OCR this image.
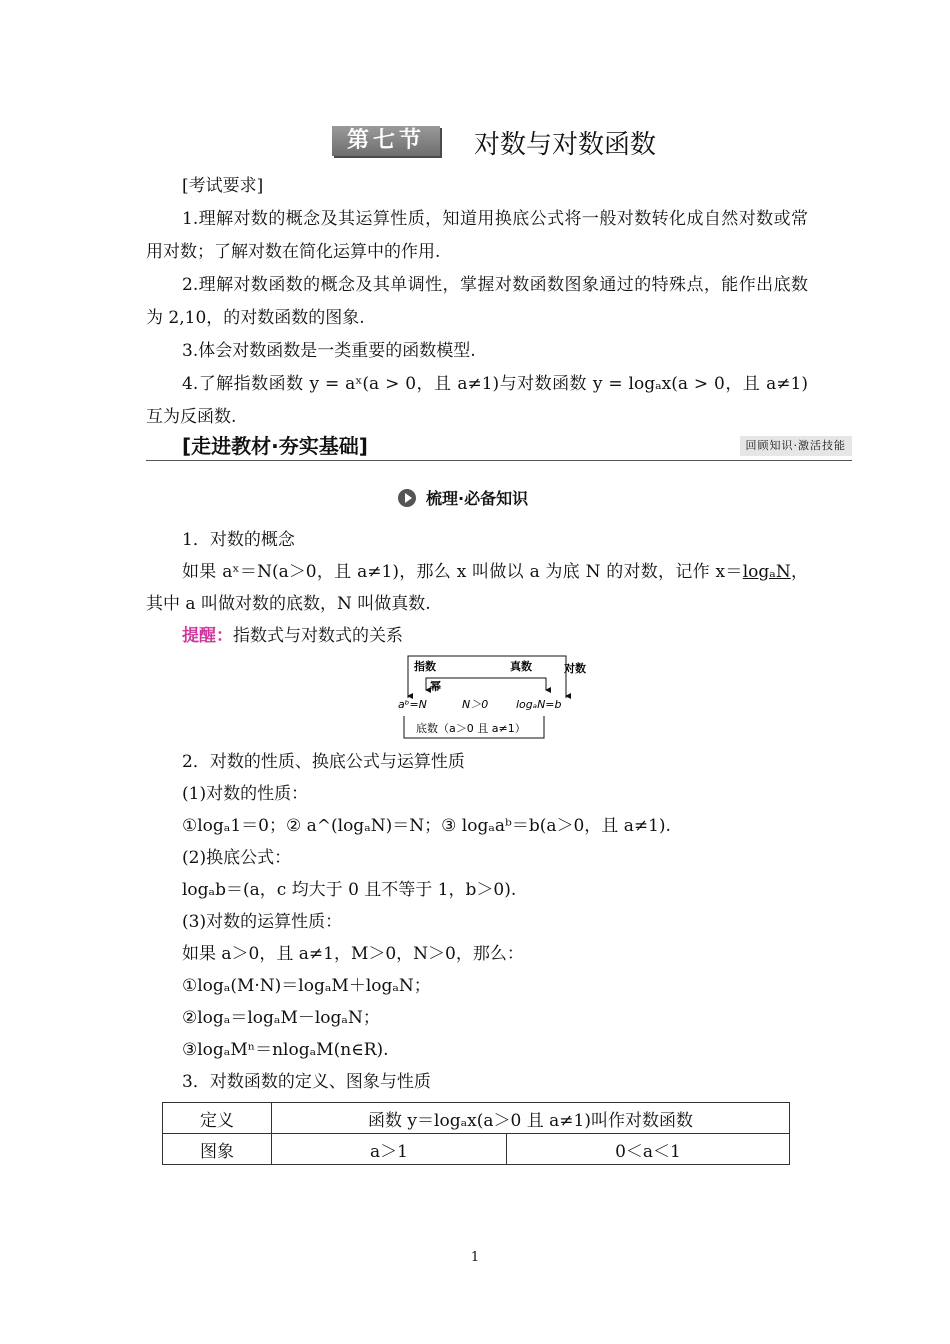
第七节	对数与对数函数

[考试要求]

1.理解对数的概念及其运算性质，知道用换底公式将一般对数转化成自然对数或常用对数；了解对数在简化运算中的作用.

2.理解对数函数的概念及其单调性，掌握对数函数图象通过的特殊点，能作出底数为 2,10，的对数函数的图象.

3.体会对数函数是一类重要的函数模型.

4.了解指数函数 y = aˣ(a > 0，且 a≠1)与对数函数 y = logₐx(a > 0，且 a≠1)互为反函数.

[走进教材·夯实基础]	回顾知识·激活技能
梳理·必备知识

1．对数的概念

如果 aˣ＝N(a＞0，且 a≠1)，那么 x 叫做以 a 为底 N 的对数，记作 x＝logₐN，其中 a 叫做对数的底数，N 叫做真数.

提醒：指数式与对数式的关系

指数	真数	对数
幂
N＞0
aᵇ=N	logₐN=b
底数（a＞0 且 a≠1）

2．对数的性质、换底公式与运算性质

(1)对数的性质：

①logₐ1＝0；② a^(logₐN)＝N；③ logₐaᵇ＝b(a＞0，且 a≠1).

(2)换底公式：

logₐb＝(a，c 均大于 0 且不等于 1，b＞0).

(3)对数的运算性质：

如果 a＞0，且 a≠1，M＞0，N＞0，那么：

①logₐ(M·N)＝logₐM＋logₐN；

②logₐ＝logₐM－logₐN；

③logₐMⁿ＝nlogₐM(n∈R).

3．对数函数的定义、图象与性质

定义	函数 y＝logₐx(a＞0 且 a≠1)叫作对数函数	
图象	a＞1	0＜a＜1
1
